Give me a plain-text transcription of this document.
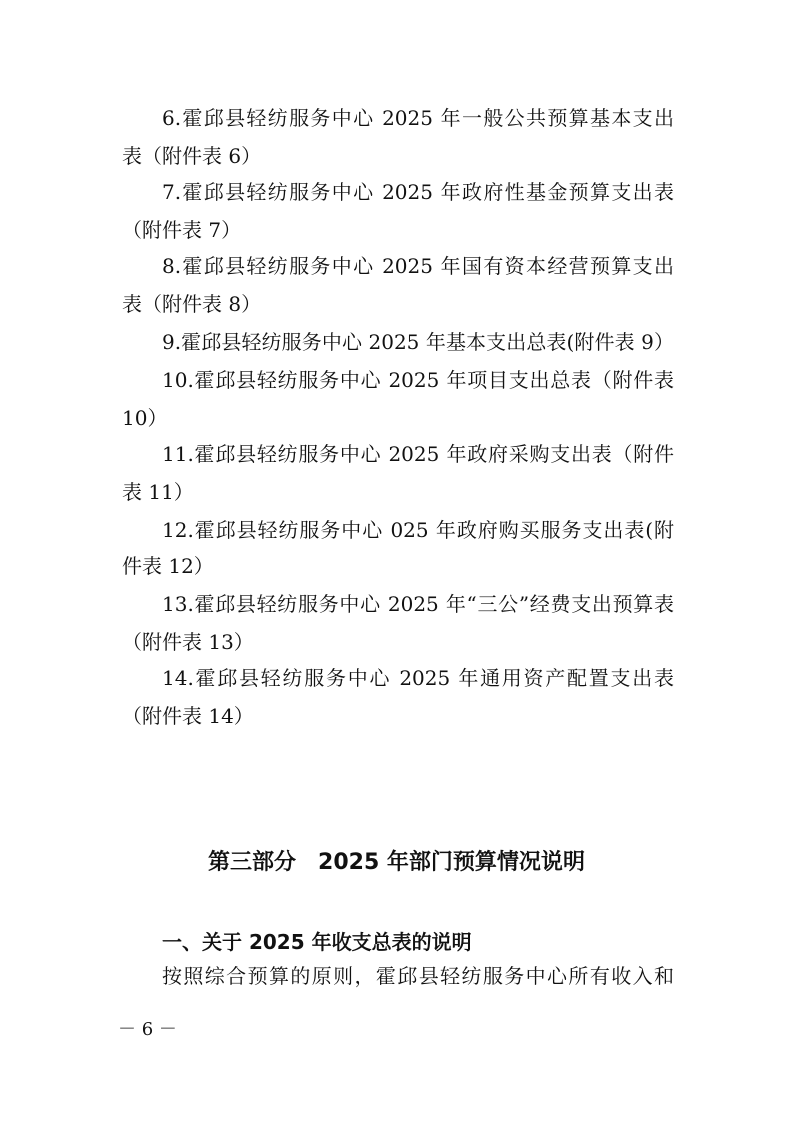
6.霍邱县轻纺服务中心 2025 年一般公共预算基本支出
表（附件表 6）
7.霍邱县轻纺服务中心 2025 年政府性基金预算支出表
（附件表 7）
8.霍邱县轻纺服务中心 2025 年国有资本经营预算支出
表（附件表 8）
9.霍邱县轻纺服务中心 2025 年基本支出总表(附件表 9）
10.霍邱县轻纺服务中心 2025 年项目支出总表（附件表
10）
11.霍邱县轻纺服务中心 2025 年政府采购支出表（附件
表 11）
12.霍邱县轻纺服务中心 025 年政府购买服务支出表(附
件表 12）
13.霍邱县轻纺服务中心 2025 年“三公”经费支出预算表
（附件表 13）
14.霍邱县轻纺服务中心 2025 年通用资产配置支出表
（附件表 14）
第三部分　2025 年部门预算情况说明
一、关于 2025 年收支总表的说明
按照综合预算的原则，霍邱县轻纺服务中心所有收入和
－ 6 －
